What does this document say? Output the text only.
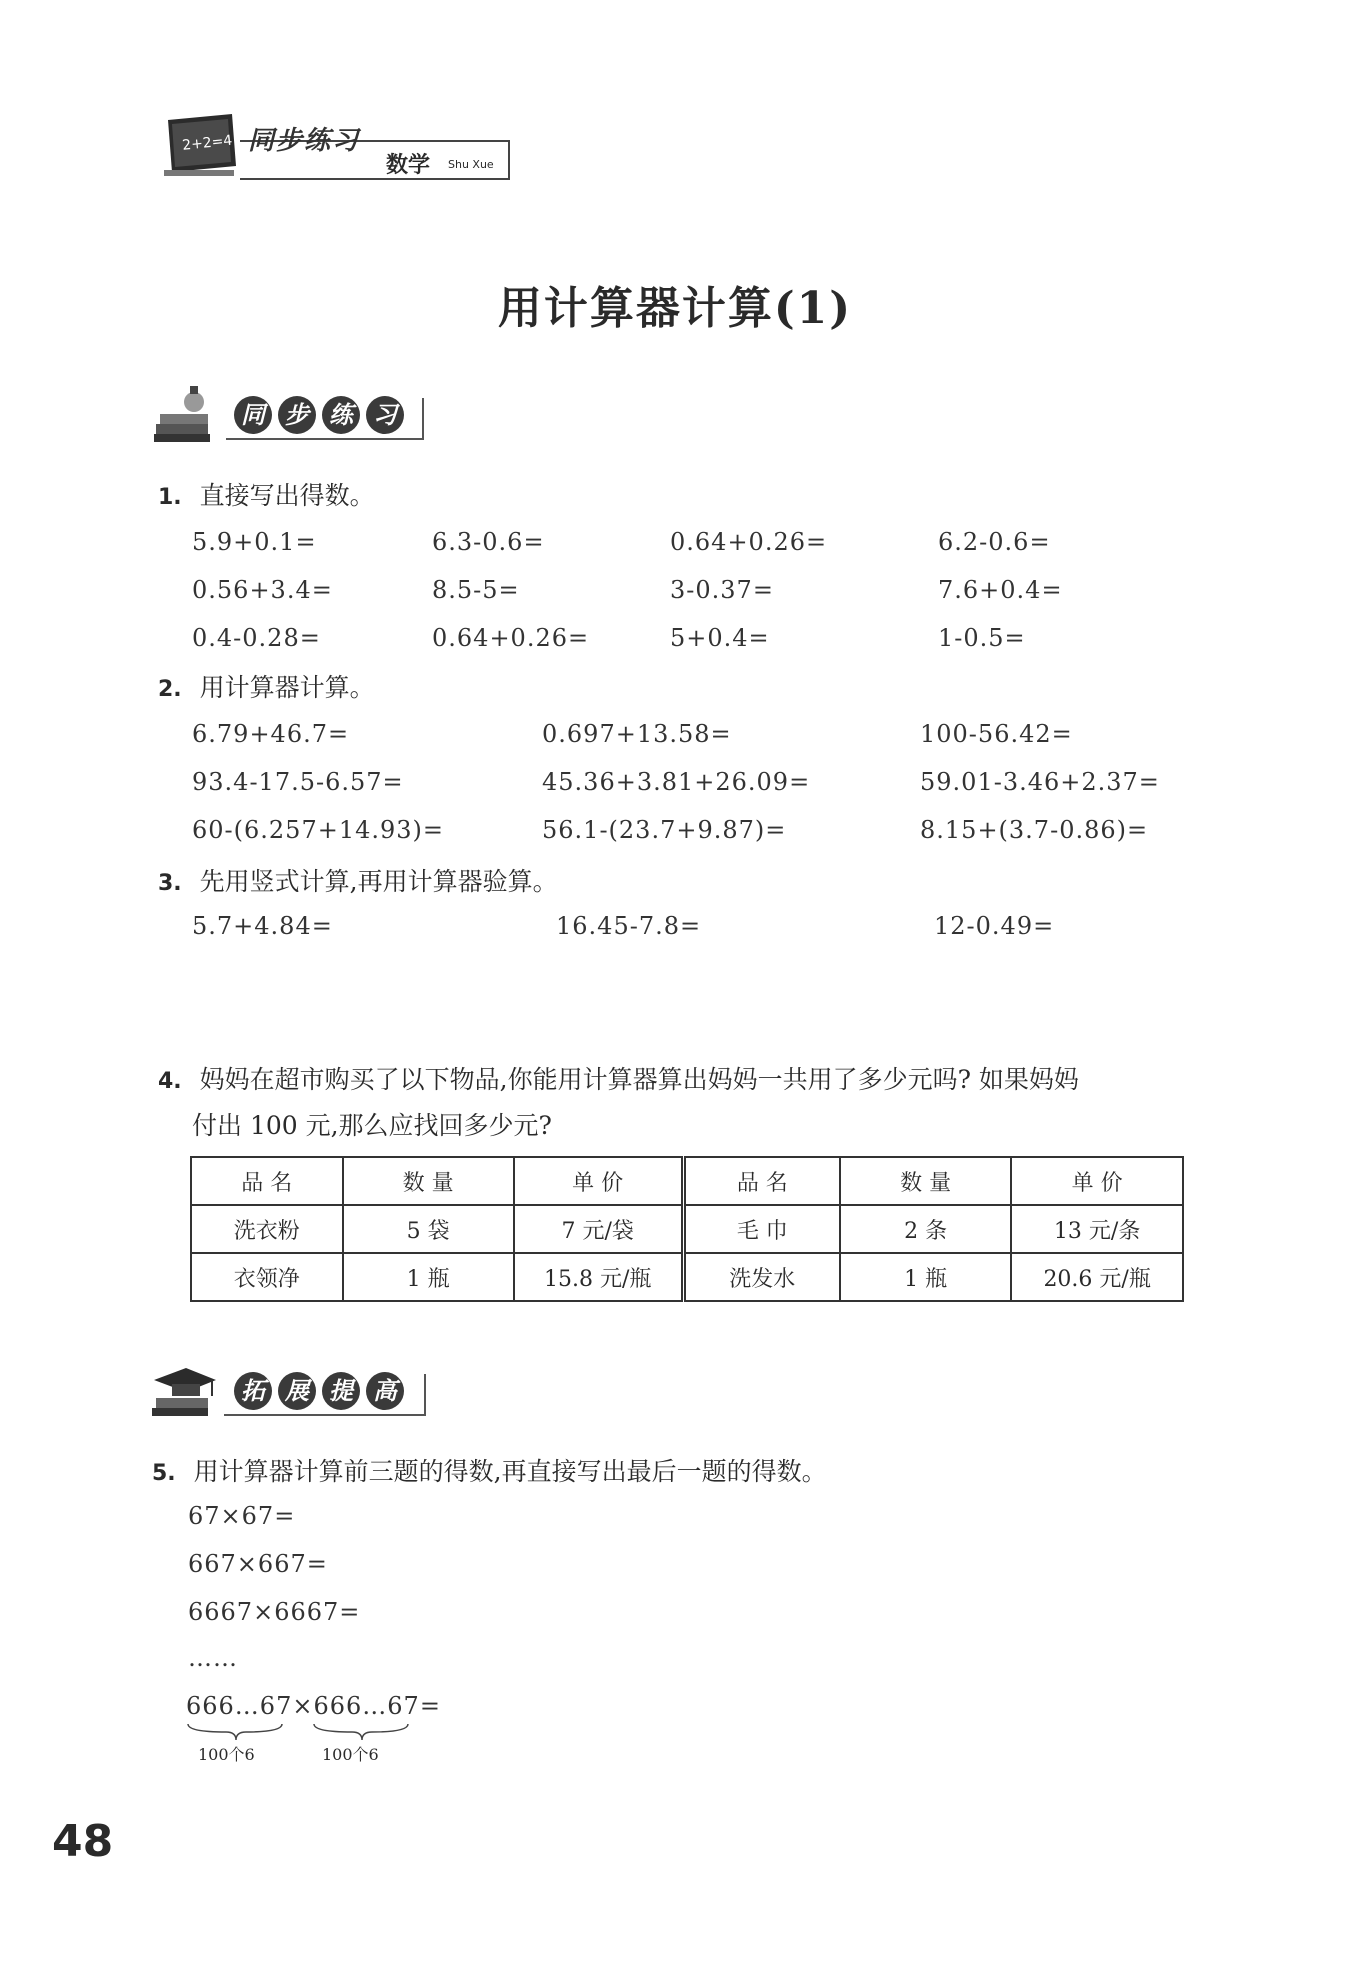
2+2=4 同步练习
数学 Shu Xue
用计算器计算(1)
同 步 练 习
1. 直接写出得数。
5.9+0.1=	6.3-0.6=	0.64+0.26=	6.2-0.6=
0.56+3.4=	8.5-5=	3-0.37=	7.6+0.4=
0.4-0.28=	0.64+0.26=	5+0.4=	1-0.5=
2. 用计算器计算。
6.79+46.7=	0.697+13.58=	100-56.42=
93.4-17.5-6.57=	45.36+3.81+26.09=	59.01-3.46+2.37=
60-(6.257+14.93)=	56.1-(23.7+9.87)=	8.15+(3.7-0.86)=
3. 先用竖式计算,再用计算器验算。
5.7+4.84=	16.45-7.8=	12-0.49=
4. 妈妈在超市购买了以下物品,你能用计算器算出妈妈一共用了多少元吗? 如果妈妈
付出 100 元,那么应找回多少元?
品 名	数 量	单 价	品 名	数 量	单 价
洗衣粉	5 袋	7 元/袋	毛 巾	2 条	13 元/条
衣领净	1 瓶	15.8 元/瓶	洗发水	1 瓶	20.6 元/瓶
拓 展 提 高
5. 用计算器计算前三题的得数,再直接写出最后一题的得数。
67×67=
667×667=
6667×6667=
……
666…67×666…67=
100个6	100个6
48
